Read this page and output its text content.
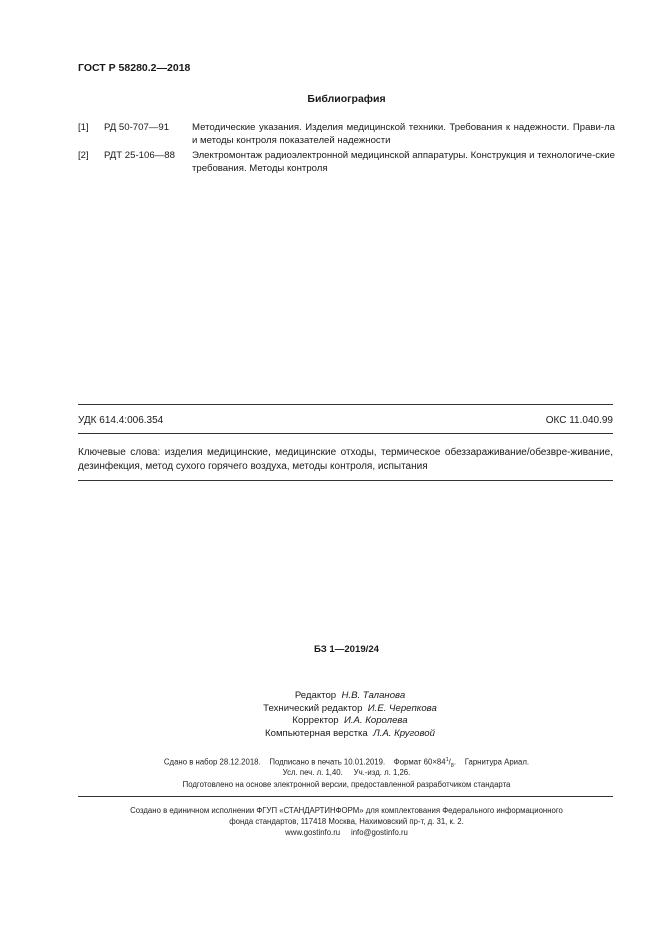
ГОСТ Р 58280.2—2018
Библиография
[1] РД 50-707—91 Методические указания. Изделия медицинской техники. Требования к надежности. Прави-ла и методы контроля показателей надежности
[2] РДТ 25-106—88 Электромонтаж радиоэлектронной медицинской аппаратуры. Конструкция и технологиче-ские требования. Методы контроля
УДК 614.4:006.354	ОКС 11.040.99
Ключевые слова: изделия медицинские, медицинские отходы, термическое обеззараживание/обезвре-живание, дезинфекция, метод сухого горячего воздуха, методы контроля, испытания
БЗ 1—2019/24
Редактор Н.В. Таланова
Технический редактор И.Е. Черепкова
Корректор И.А. Королева
Компьютерная верстка Л.А. Круговой
Сдано в набор 28.12.2018. Подписано в печать 10.01.2019. Формат $60\times 84^1/_8$.    Гарнитура Ариал.
Усл. печ. л. 1,40. Уч.-изд. л. 1,26.
Подготовлено на основе электронной версии, предоставленной разработчиком стандарта
Создано в единичном исполнении ФГУП «СТАНДАРТИНФОРМ» для комплектования Федерального информационного
фонда стандартов, 117418 Москва, Нахимовский пр-т, д. 31, к. 2.
www.gostinfo.ru info@gostinfo.ru
